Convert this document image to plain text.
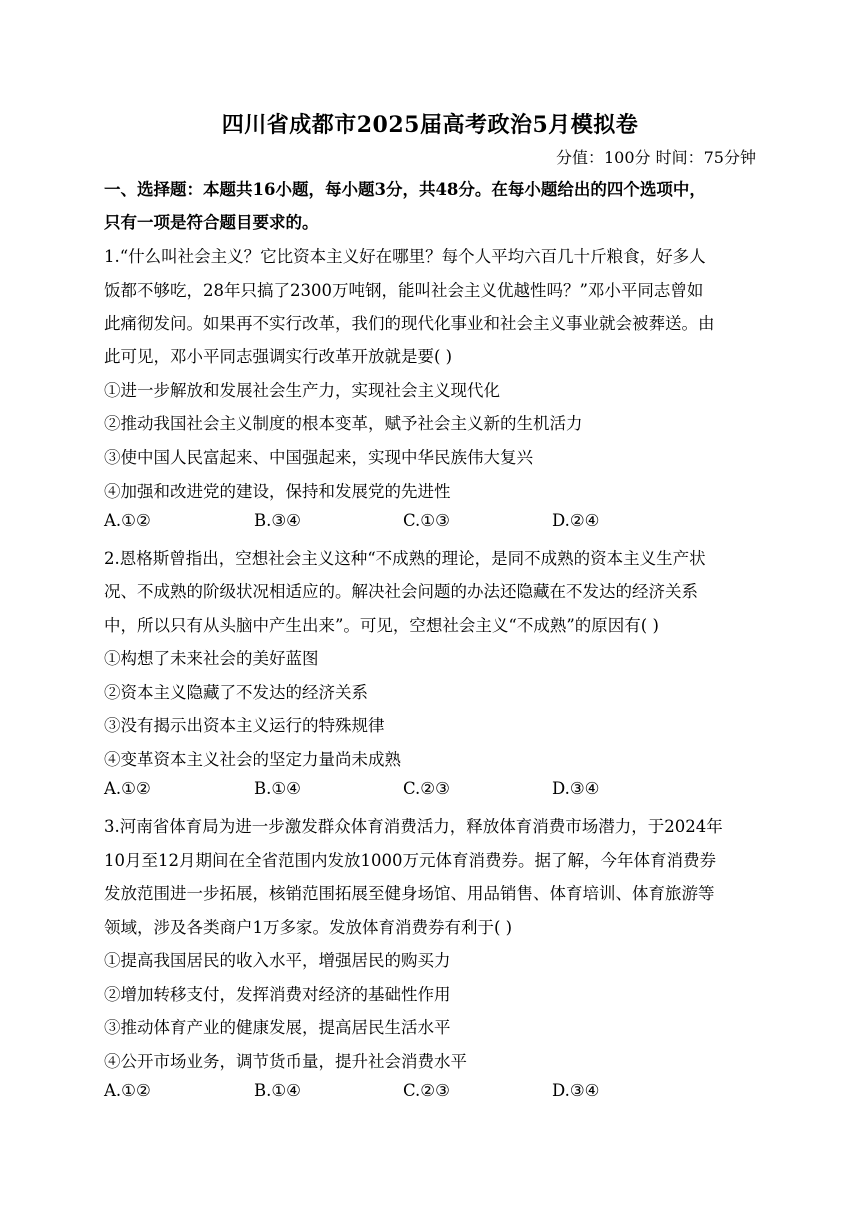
四川省成都市2025届高考政治5月模拟卷
分值：100分 时间：75分钟
一、选择题：本题共16小题，每小题3分，共48分。在每小题给出的四个选项中，
只有一项是符合题目要求的。
1.“什么叫社会主义？它比资本主义好在哪里？每个人平均六百几十斤粮食，好多人
饭都不够吃，28年只搞了2300万吨钢，能叫社会主义优越性吗？”邓小平同志曾如
此痛彻发问。如果再不实行改革，我们的现代化事业和社会主义事业就会被葬送。由
此可见，邓小平同志强调实行改革开放就是要( )
①进一步解放和发展社会生产力，实现社会主义现代化
②推动我国社会主义制度的根本变革，赋予社会主义新的生机活力
③使中国人民富起来、中国强起来，实现中华民族伟大复兴
④加强和改进党的建设，保持和发展党的先进性
A.①②	B.③④	C.①③	D.②④
2.恩格斯曾指出，空想社会主义这种“不成熟的理论，是同不成熟的资本主义生产状
况、不成熟的阶级状况相适应的。解决社会问题的办法还隐藏在不发达的经济关系
中，所以只有从头脑中产生出来”。可见，空想社会主义“不成熟”的原因有( )
①构想了未来社会的美好蓝图
②资本主义隐藏了不发达的经济关系
③没有揭示出资本主义运行的特殊规律
④变革资本主义社会的坚定力量尚未成熟
A.①②	B.①④	C.②③	D.③④
3.河南省体育局为进一步激发群众体育消费活力，释放体育消费市场潜力，于2024年
10月至12月期间在全省范围内发放1000万元体育消费券。据了解，今年体育消费券
发放范围进一步拓展，核销范围拓展至健身场馆、用品销售、体育培训、体育旅游等
领域，涉及各类商户1万多家。发放体育消费券有利于( )
①提高我国居民的收入水平，增强居民的购买力
②增加转移支付，发挥消费对经济的基础性作用
③推动体育产业的健康发展，提高居民生活水平
④公开市场业务，调节货币量，提升社会消费水平
A.①②	B.①④	C.②③	D.③④
